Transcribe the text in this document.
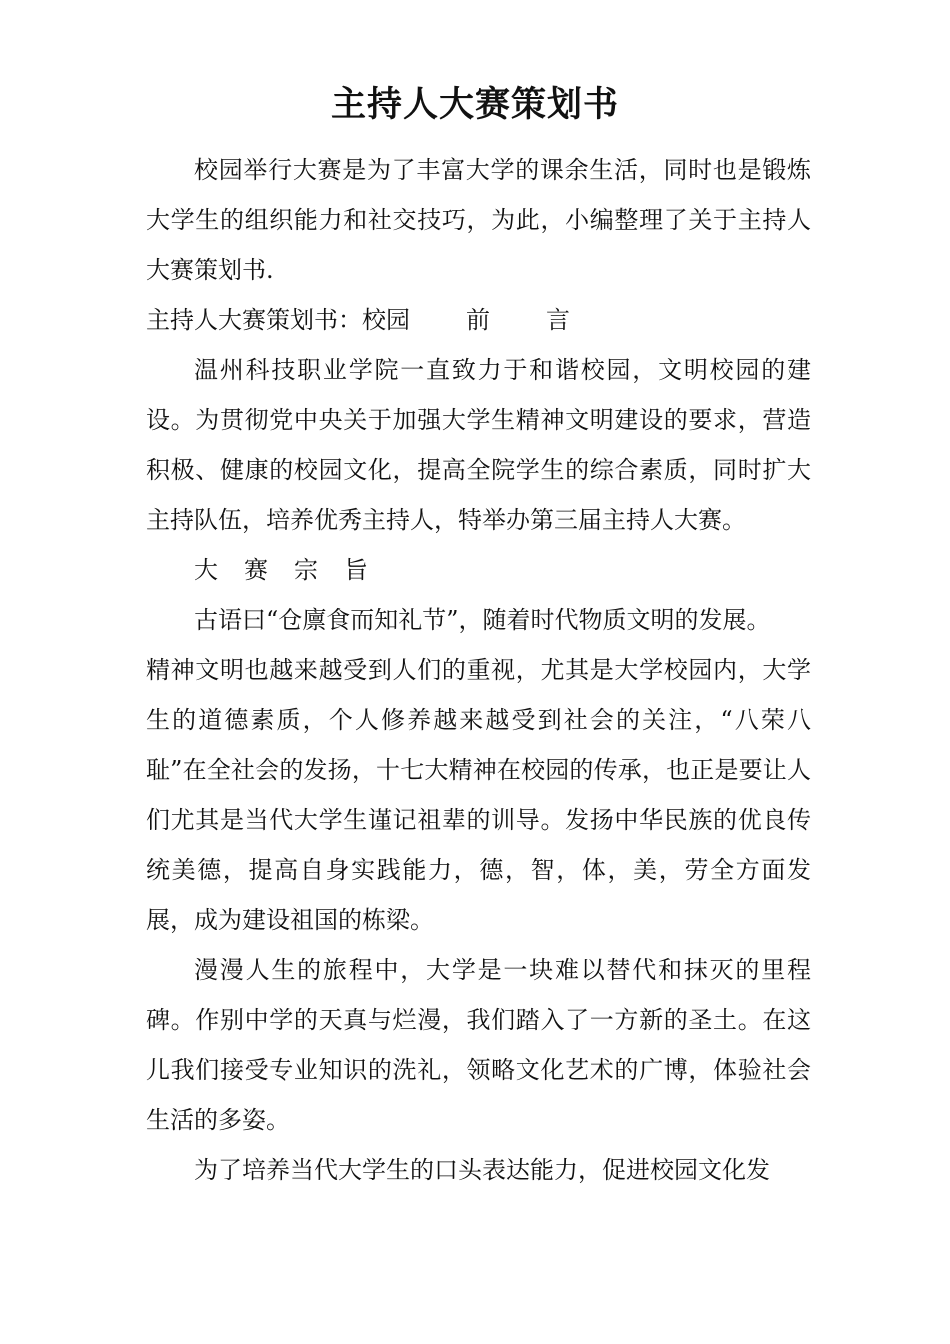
主持人大赛策划书

校园举行大赛是为了丰富大学的课余生活，同时也是锻炼大学生的组织能力和社交技巧，为此，小编整理了关于主持人大赛策划书.

主持人大赛策划书：校园 前 言

温州科技职业学院一直致力于和谐校园，文明校园的建设。为贯彻党中央关于加强大学生精神文明建设的要求，营造积极、健康的校园文化，提高全院学生的综合素质，同时扩大主持队伍，培养优秀主持人，特举办第三届主持人大赛。

大赛宗旨

古语曰“仓廪食而知礼节”，随着时代物质文明的发展。

精神文明也越来越受到人们的重视，尤其是大学校园内，大学生的道德素质，个人修养越来越受到社会的关注，“八荣八耻”在全社会的发扬，十七大精神在校园的传承，也正是要让人们尤其是当代大学生谨记祖辈的训导。发扬中华民族的优良传统美德，提高自身实践能力，德，智，体，美，劳全方面发展，成为建设祖国的栋梁。

漫漫人生的旅程中，大学是一块难以替代和抹灭的里程碑。作别中学的天真与烂漫，我们踏入了一方新的圣土。在这儿我们接受专业知识的洗礼，领略文化艺术的广博，体验社会生活的多姿。

为了培养当代大学生的口头表达能力，促进校园文化发
